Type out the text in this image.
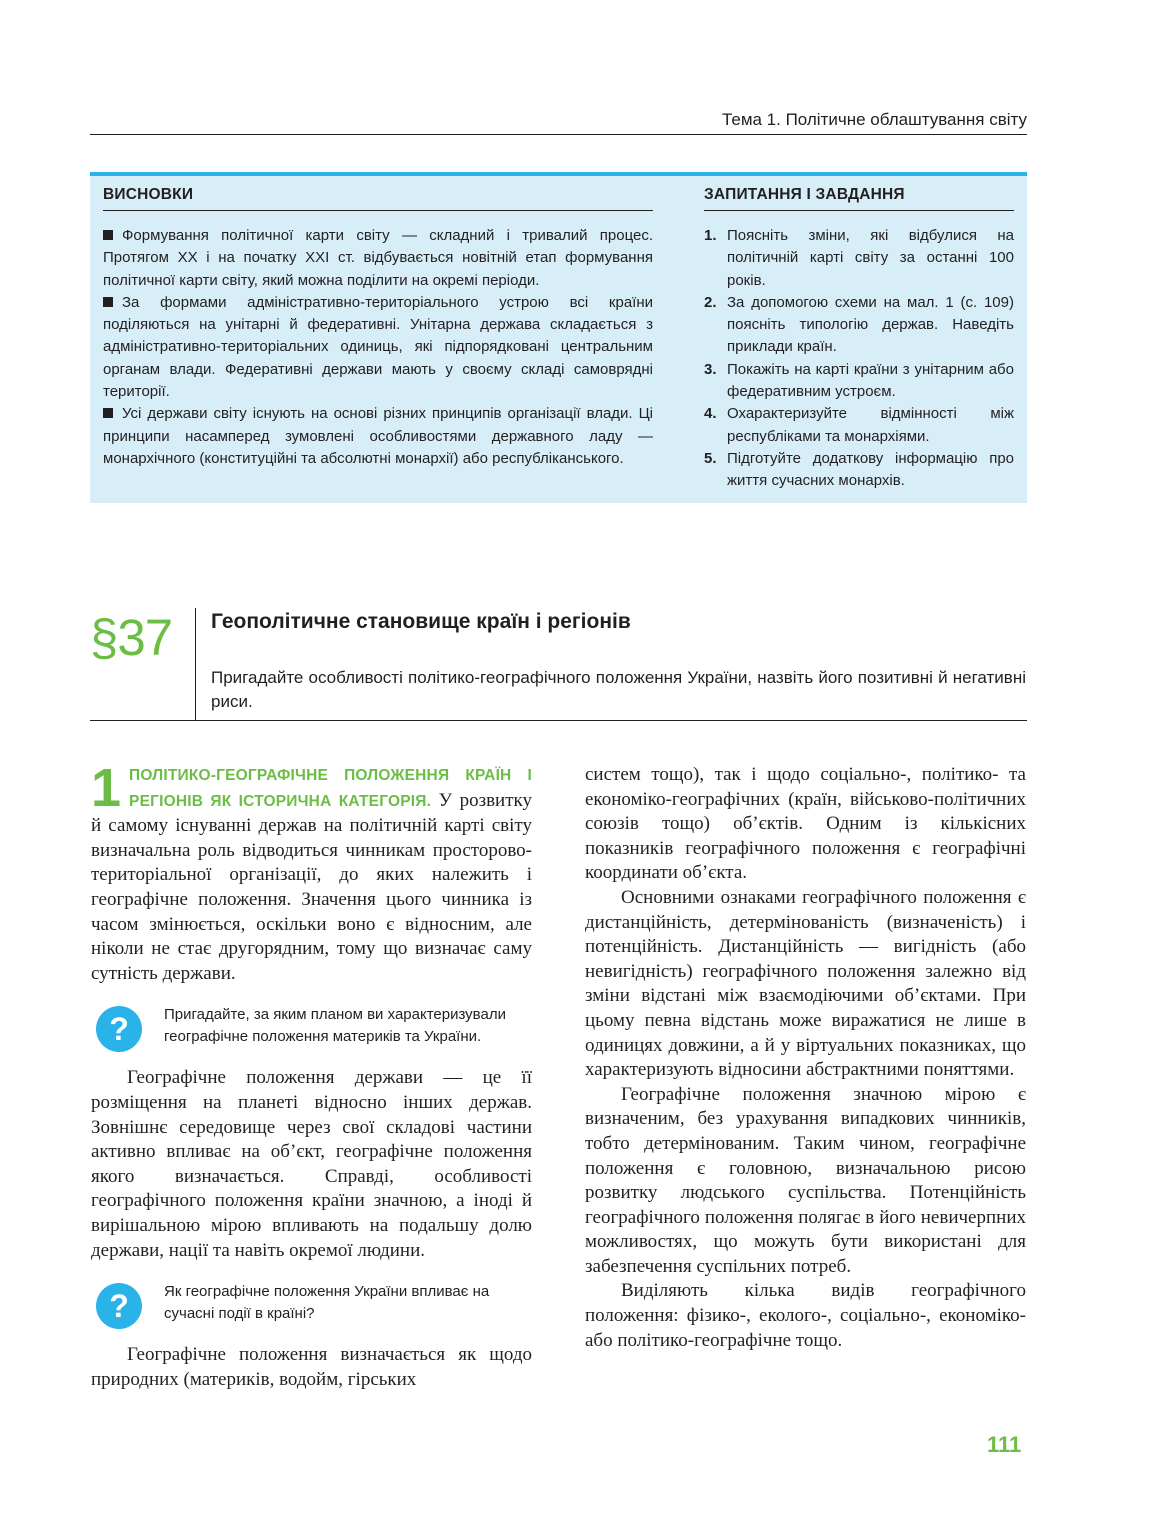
Тема 1. Політичне облаштування світу
ВИСНОВКИ

Формування політичної карти світу — складний і тривалий процес. Протягом XX і на початку XXI ст. відбувається новітній етап формування політичної карти світу, який можна поділити на окремі періоди.

За формами адміністративно-територіального устрою всі країни поділяються на унітарні й федеративні. Унітарна держава складається з адміністративно-територіальних одиниць, які підпорядковані центральним органам влади. Федеративні держави мають у своєму складі самоврядні території.

Усі держави світу існують на основі різних принципів організації влади. Ці принципи насамперед зумовлені особливостями державного ладу — монархічного (конституційні та абсолютні монархії) або республіканського.

ЗАПИТАННЯ І ЗАВДАННЯ
1. Поясніть зміни, які відбулися на політичній карті світу за останні 100 років.
2. За допомогою схеми на мал. 1 (с. 109) поясніть типологію держав. Наведіть приклади країн.
3. Покажіть на карті країни з унітарним або федеративним устроєм.
4. Охарактеризуйте відмінності між республіками та монархіями.
5. Підготуйте додаткову інформацію про життя сучасних монархів.
§37 Геополітичне становище країн і регіонів
Пригадайте особливості політико-географічного положення України, назвіть його позитивні й негативні риси.

1 ПОЛІТИКО-ГЕОГРАФІЧНЕ ПОЛОЖЕННЯ КРАЇН І РЕГІОНІВ ЯК ІСТОРИЧНА КАТЕГОРІЯ. У розвитку й самому існуванні держав на політичній карті світу визначальна роль відводиться чинникам просторово-територіальної організації, до яких належить і географічне положення. Значення цього чинника із часом змінюється, оскільки воно є відносним, але ніколи не стає другорядним, тому що визначає саму сутність держави.

?	Пригадайте, за яким планом ви характеризували географічне положення материків та України.

Географічне положення держави — це її розміщення на планеті відносно інших держав. Зовнішнє середовище через свої складові частини активно впливає на об’єкт, географічне положення якого визначається. Справді, особливості географічного положення країни значною, а іноді й вирішальною мірою впливають на подальшу долю держави, нації та навіть окремої людини.

?	Як географічне положення України впливає на сучасні події в країні?

Географічне положення визначається як щодо природних (материків, водойм, гірських

систем тощо), так і щодо соціально-, політико- та економіко-географічних (країн, військово-політичних союзів тощо) об’єктів. Одним із кількісних показників географічного положення є географічні координати об’єкта.

Основними ознаками географічного положення є дистанційність, детермінованість (визначеність) і потенційність. Дистанційність — вигідність (або невигідність) географічного положення залежно від зміни відстані між взаємодіючими об’єктами. При цьому певна відстань може виражатися не лише в одиницях довжини, а й у віртуальних показниках, що характеризують відносини абстрактними поняттями.

Географічне положення значною мірою є визначеним, без урахування випадкових чинників, тобто детермінованим. Таким чином, географічне положення є головною, визначальною рисою розвитку людського суспільства. Потенційність географічного положення полягає в його невичерпних можливостях, що можуть бути використані для забезпечення суспільних потреб.

Виділяють кілька видів географічного положення: фізико-, еколого-, соціально-, економіко- або політико-географічне тощо.

111
